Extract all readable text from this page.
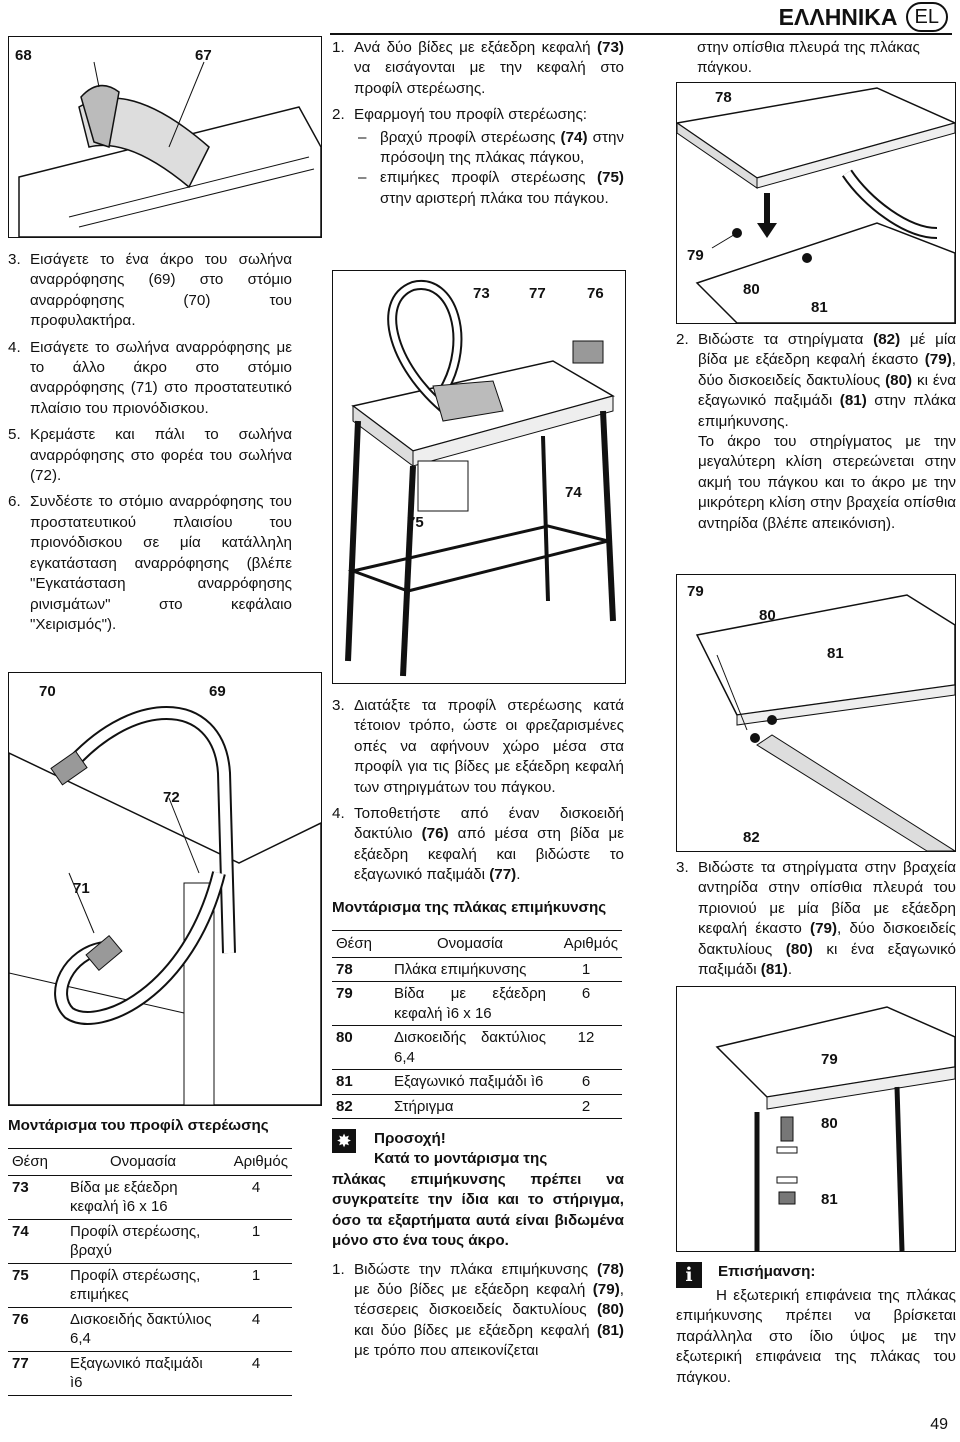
ΕΛΛΗΝΙΚΑ EL
68	67
3. Εισάγετε το ένα άκρο του σωλήνα αναρρόφησης (69) στο στόμιο αναρρόφησης (70) του προφυλακτήρα.
4. Εισάγετε το σωλήνα αναρρόφησης με το άλλο άκρο στο στόμιο αναρρόφησης (71) στο προστατευτικό πλαίσιο του πριονόδισκου.
5. Κρεμάστε και πάλι το σωλήνα αναρρόφησης στο φορέα του σωλήνα (72).
6. Συνδέστε το στόμιο αναρρόφησης του προστατευτικού πλαισίου του πριονόδισκου σε μία κατάλληλη εγκατάσταση αναρρόφησης (βλέπε "Εγκατάσταση αναρρόφησης ρινισμάτων" στο κεφάλαιο "Χειρισμός").
70	69
72
71
Μοντάρισμα του προφίλ στερέωσης
Θέση	Ονομασία	Αριθμός
73	Βίδα με εξάεδρη κεφαλή ì6 x 16	4
74	Προφίλ στερέωσης, βραχύ	1
75	Προφίλ στερέωσης, επιμήκες	1
76	Δισκοειδής δακτύλιος 6,4	4
77	Εξαγωνικό παξιμάδι ì6	4
1. Ανά δύο βίδες με εξάεδρη κεφαλή (73) να εισάγονται με την κεφαλή στο προφίλ στερέωσης.
2. Εφαρμογή του προφίλ στερέωσης:
– βραχύ προφίλ στερέωσης (74) στην πρόσοψη της πλάκας πάγκου,
– επιμήκες προφίλ στερέωσης (75) στην αριστερή πλάκα του πάγκου.
73	77	76
74
75
3. Διατάξτε τα προφίλ στερέωσης κατά τέτοιον τρόπο, ώστε οι φρεζαρισμένες οπές να αφήνουν χώρο μέσα στα προφίλ για τις βίδες με εξάεδρη κεφαλή των στηριγμάτων του πάγκου.
4. Τοποθετήστε από έναν δισκοειδή δακτύλιο (76) από μέσα στη βίδα με εξάεδρη κεφαλή και βιδώστε το εξαγωνικό παξιμάδι (77).
Μοντάρισμα της πλάκας επιμήκυνσης
Θέση	Ονομασία	Αριθμός
78	Πλάκα επιμήκυνσης	1
79	Βίδα με εξάεδρη κεφαλή ì6 x 16	6
80	Δισκοειδής δακτύλιος 6,4	12
81	Εξαγωνικό παξιμάδι ì6	6
82	Στήριγμα	2
✸ Προσοχή!
Κατά το μοντάρισμα της
πλάκας επιμήκυνσης πρέπει να συγκρατείτε την ίδια και το στήριγμα, όσο τα εξαρτήματα αυτά είναι βιδωμένα μόνο στο ένα τους άκρο.
1. Βιδώστε την πλάκα επιμήκυνσης (78) με δύο βίδες με εξάεδρη κεφαλή (79), τέσσερεις δισκοειδείς δακτυλίους (80) και δύο βίδες με εξάεδρη κεφαλή (81) με τρόπο που απεικονίζεται

στην οπίσθια πλευρά της πλάκας πάγκου.

78
79
80
81
2. Βιδώστε τα στηρίγματα (82) μέ μία βίδα με εξάεδρη κεφαλή έκαστο (79), δύο δισκοειδείς δακτυλίους (80) κι ένα εξαγωνικό παξιμάδι (81) στην πλάκα επιμήκυνσης.

Το άκρο του στηρίγματος με την μεγαλύτερη κλίση στερεώνεται στην ακμή του πάγκου και το άκρο με την μικρότερη κλίση στην βραχεία οπίσθια αντηρίδα (βλέπε απεικόνιση).

79
80
81
82
3. Βιδώστε τα στηρίγματα στην βραχεία αντηρίδα στην οπίσθια πλευρά του πριονιού με μία βίδα με εξάεδρη κεφαλή έκαστο (79), δύο δισκοειδείς δακτυλίους (80) κι ένα εξαγωνικό παξιμάδι (81).
79
80
81
i	Επισήμανση:

Η εξωτερική επιφάνεια της πλάκας επιμήκυνσης πρέπει να βρίσκεται παράλληλα στο ίδιο ύψος με την εξωτερική επιφάνεια της πλάκας του πάγκου.

49
